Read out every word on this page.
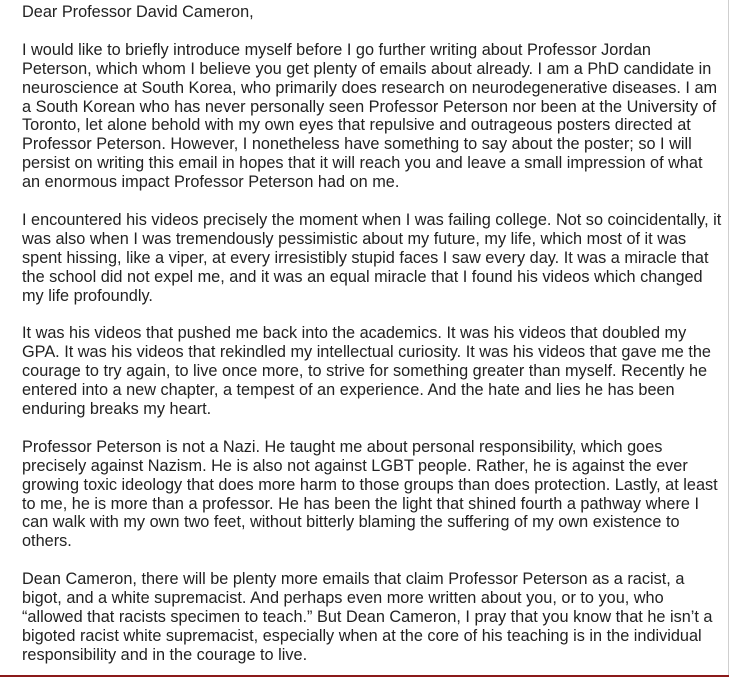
Dear Professor David Cameron,

I would like to briefly introduce myself before I go further writing about Professor Jordan Peterson, which whom I believe you get plenty of emails about already. I am a PhD candidate in neuroscience at South Korea, who primarily does research on neurodegenerative diseases. I am a South Korean who has never personally seen Professor Peterson nor been at the University of Toronto, let alone behold with my own eyes that repulsive and outrageous posters directed at Professor Peterson. However, I nonetheless have something to say about the poster; so I will persist on writing this email in hopes that it will reach you and leave a small impression of what an enormous impact Professor Peterson had on me.

I encountered his videos precisely the moment when I was failing college. Not so coincidentally, it was also when I was tremendously pessimistic about my future, my life, which most of it was spent hissing, like a viper, at every irresistibly stupid faces I saw every day. It was a miracle that the school did not expel me, and it was an equal miracle that I found his videos which changed my life profoundly.

It was his videos that pushed me back into the academics. It was his videos that doubled my GPA. It was his videos that rekindled my intellectual curiosity. It was his videos that gave me the courage to try again, to live once more, to strive for something greater than myself. Recently he entered into a new chapter, a tempest of an experience. And the hate and lies he has been enduring breaks my heart.

Professor Peterson is not a Nazi. He taught me about personal responsibility, which goes precisely against Nazism. He is also not against LGBT people. Rather, he is against the ever growing toxic ideology that does more harm to those groups than does protection. Lastly, at least to me, he is more than a professor. He has been the light that shined fourth a pathway where I can walk with my own two feet, without bitterly blaming the suffering of my own existence to others.

Dean Cameron, there will be plenty more emails that claim Professor Peterson as a racist, a bigot, and a white supremacist. And perhaps even more written about you, or to you, who “allowed that racists specimen to teach.” But Dean Cameron, I pray that you know that he isn’t a bigoted racist white supremacist, especially when at the core of his teaching is in the individual responsibility and in the courage to live.
